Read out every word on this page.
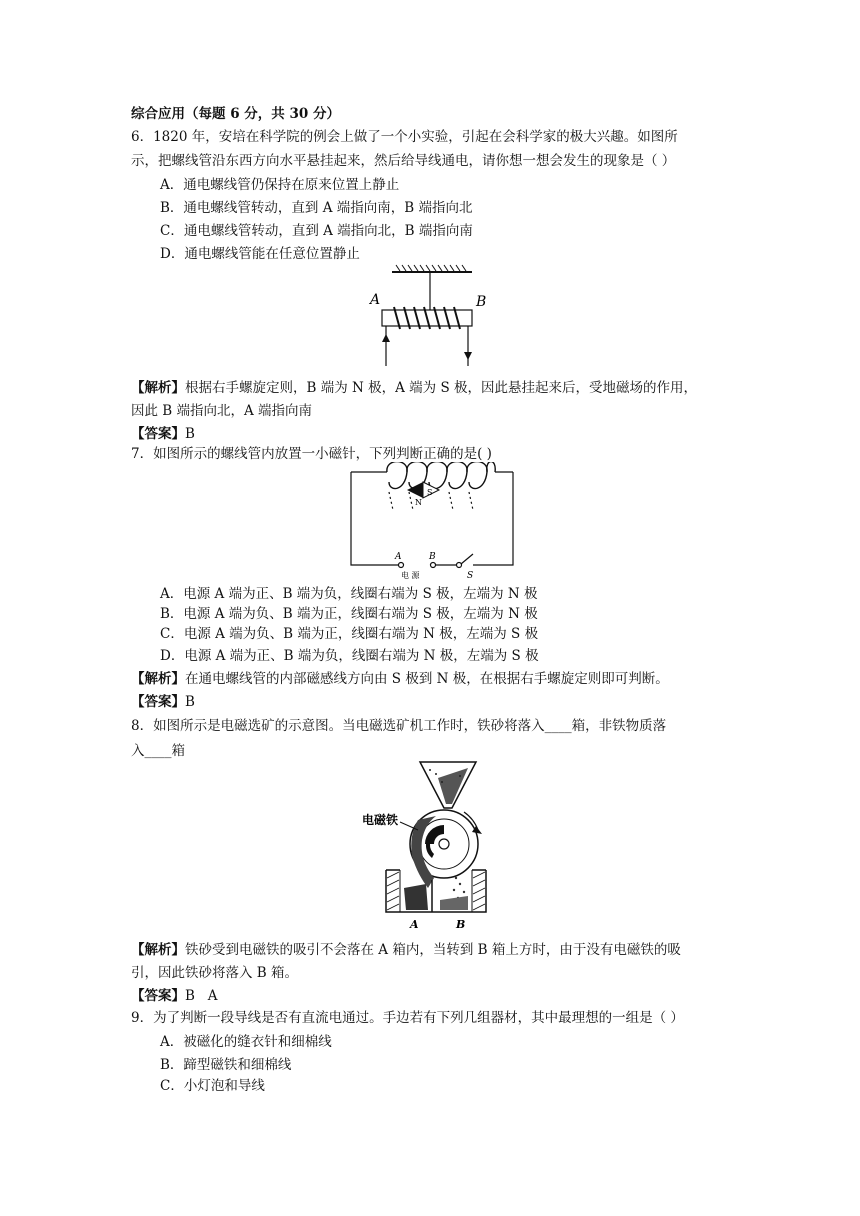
综合应用（每题 6 分，共 30 分）
6．1820 年，安培在科学院的例会上做了一个小实验，引起在会科学家的极大兴趣。如图所
示，把螺线管沿东西方向水平悬挂起来，然后给导线通电，请你想一想会发生的现象是（ ）
A．通电螺线管仍保持在原来位置上静止
B．通电螺线管转动，直到 A 端指向南，B 端指向北
C．通电螺线管转动，直到 A 端指向北，B 端指向南
D．通电螺线管能在任意位置静止
A	B
【解析】根据右手螺旋定则，B 端为 N 极，A 端为 S 极，因此悬挂起来后，受地磁场的作用，
因此 B 端指向北，A 端指向南
【答案】B
7．如图所示的螺线管内放置一小磁针，下列判断正确的是( )
N
S
A	B
电 源	S
A．电源 A 端为正、B 端为负，线圈右端为 S 极，左端为 N 极
B．电源 A 端为负、B 端为正，线圈右端为 S 极，左端为 N 极
C．电源 A 端为负、B 端为正，线圈右端为 N 极，左端为 S 极
D．电源 A 端为正、B 端为负，线圈右端为 N 极，左端为 S 极
【解析】在通电螺线管的内部磁感线方向由 S 极到 N 极，在根据右手螺旋定则即可判断。
【答案】B
8．如图所示是电磁选矿的示意图。当电磁选矿机工作时，铁砂将落入____箱，非铁物质落
入____箱
电磁铁
A	B
【解析】铁砂受到电磁铁的吸引不会落在 A 箱内，当转到 B 箱上方时，由于没有电磁铁的吸
引，因此铁砂将落入 B 箱。
【答案】B   A
9．为了判断一段导线是否有直流电通过。手边若有下列几组器材，其中最理想的一组是（ ）
A．被磁化的缝衣针和细棉线
B．蹄型磁铁和细棉线
C．小灯泡和导线
